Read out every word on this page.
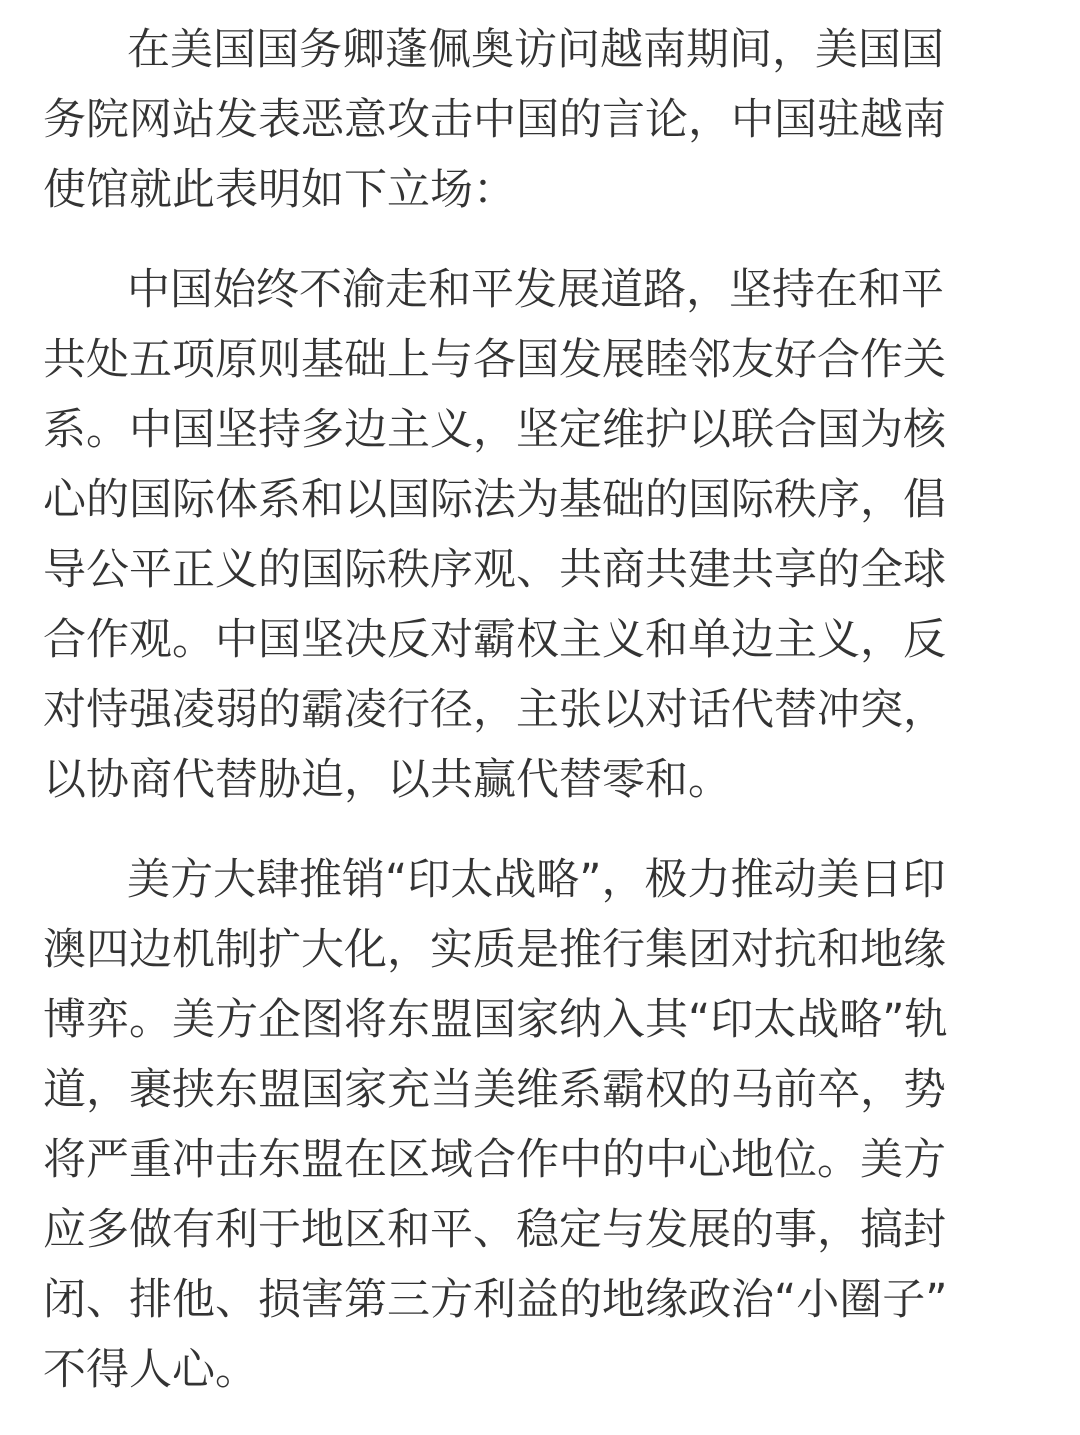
在美国国务卿蓬佩奥访问越南期间，美国国
务院网站发表恶意攻击中国的言论，中国驻越南
使馆就此表明如下立场：
中国始终不渝走和平发展道路，坚持在和平
共处五项原则基础上与各国发展睦邻友好合作关
系。中国坚持多边主义，坚定维护以联合国为核
心的国际体系和以国际法为基础的国际秩序，倡
导公平正义的国际秩序观、共商共建共享的全球
合作观。中国坚决反对霸权主义和单边主义，反
对恃强凌弱的霸凌行径，主张以对话代替冲突，
以协商代替胁迫，以共赢代替零和。
美方大肆推销“印太战略”，极力推动美日印
澳四边机制扩大化，实质是推行集团对抗和地缘
博弈。美方企图将东盟国家纳入其“印太战略”轨
道，裹挟东盟国家充当美维系霸权的马前卒，势
将严重冲击东盟在区域合作中的中心地位。美方
应多做有利于地区和平、稳定与发展的事，搞封
闭、排他、损害第三方利益的地缘政治“小圈子”
不得人心。
